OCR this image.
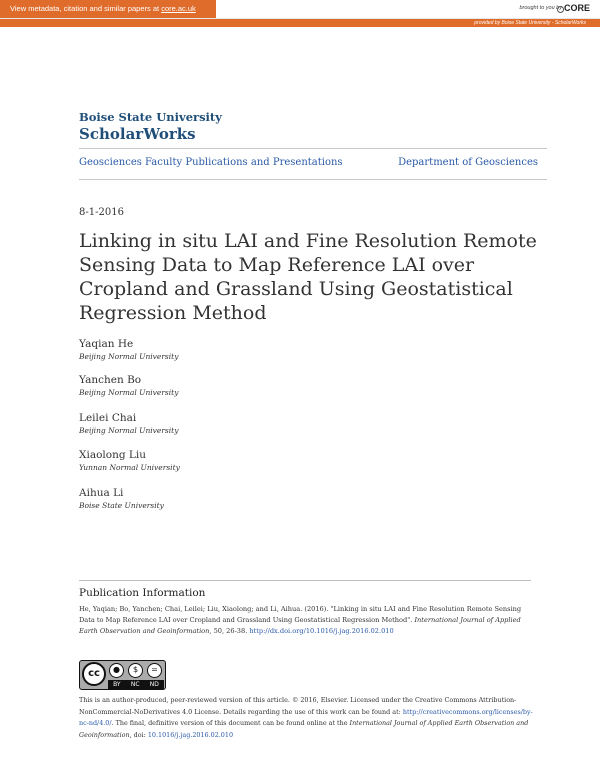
View metadata, citation and similar papers at core.ac.uk	brought to you by CORE
provided by Boise State University - ScholarWorks
Boise State University
ScholarWorks
Geosciences Faculty Publications and Presentations	Department of Geosciences
8-1-2016
Linking in situ LAI and Fine Resolution Remote Sensing Data to Map Reference LAI over Cropland and Grassland Using Geostatistical Regression Method
Yaqian He
Beijing Normal University
Yanchen Bo
Beijing Normal University
Leilei Chai
Beijing Normal University
Xiaolong Liu
Yunnan Normal University
Aihua Li
Boise State University
Publication Information
He, Yaqian; Bo, Yanchen; Chai, Leilei; Liu, Xiaolong; and Li, Aihua. (2016). "Linking in situ LAI and Fine Resolution Remote Sensing Data to Map Reference LAI over Cropland and Grassland Using Geostatistical Regression Method". International Journal of Applied Earth Observation and Geoinformation, 50, 26-38. http://dx.doi.org/10.1016/j.jag.2016.02.010
cc	●	$	=
BY NC ND
This is an author-produced, peer-reviewed version of this article. © 2016, Elsevier. Licensed under the Creative Commons Attribution-NonCommercial-NoDerivatives 4.0 License. Details regarding the use of this work can be found at: http://creativecommons.org/licenses/by-nc-nd/4.0/. The final, definitive version of this document can be found online at the International Journal of Applied Earth Observation and Geoinformation, doi: 10.1016/j.jag.2016.02.010
